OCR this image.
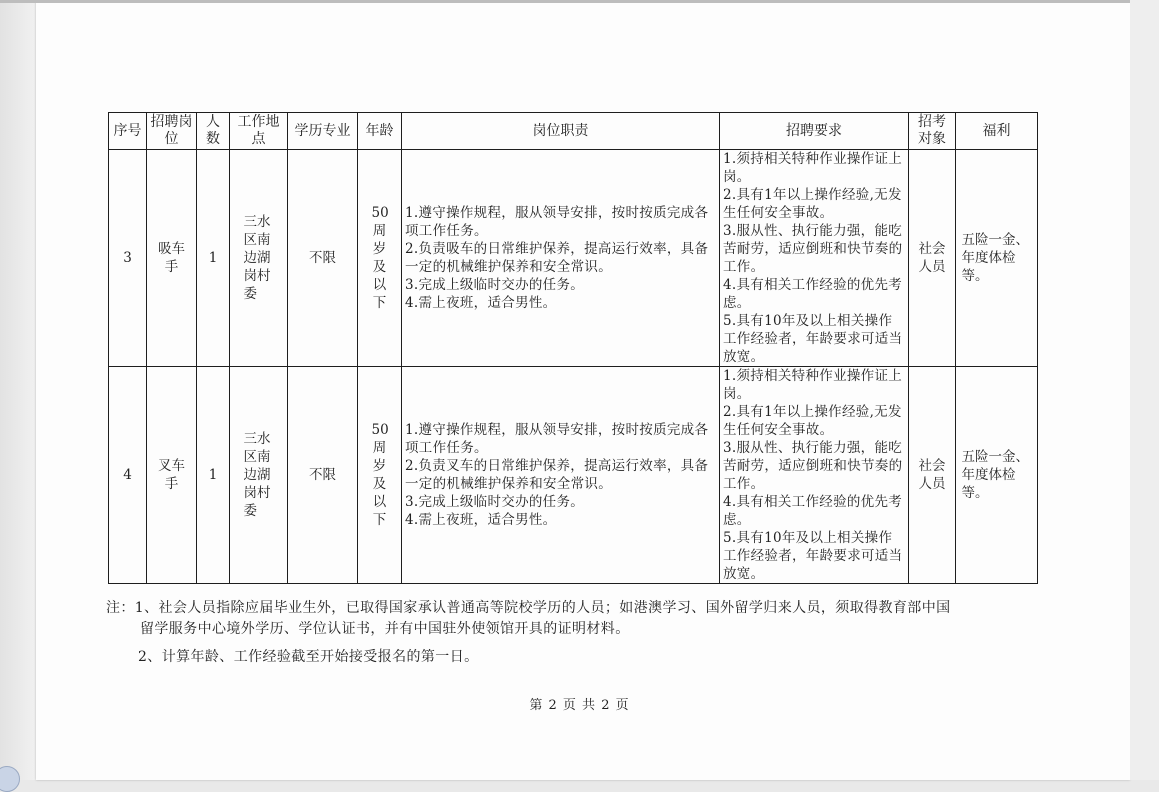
序号	招聘岗位	人数	工作地点	学历专业	年龄	岗位职责	招聘要求	招考对象	福利
3	吸车手	1	三水区南边湖岗村委	不限	50周岁及以下	1.遵守操作规程，服从领导安排，按时按质完成各项工作任务。
2.负责吸车的日常维护保养，提高运行效率，具备一定的机械维护保养和安全常识。
3.完成上级临时交办的任务。
4.需上夜班，适合男性。	1.须持相关特种作业操作证上岗。
2.具有1年以上操作经验,无发生任何安全事故。
3.服从性、执行能力强，能吃苦耐劳，适应倒班和快节奏的工作。
4.具有相关工作经验的优先考虑。
5.具有10年及以上相关操作工作经验者，年龄要求可适当放宽。	社会人员	五险一金、年度体检等。
4	叉车手	1	三水区南边湖岗村委	不限	50周岁及以下	1.遵守操作规程，服从领导安排，按时按质完成各项工作任务。
2.负责叉车的日常维护保养，提高运行效率，具备一定的机械维护保养和安全常识。
3.完成上级临时交办的任务。
4.需上夜班，适合男性。	1.须持相关特种作业操作证上岗。
2.具有1年以上操作经验,无发生任何安全事故。
3.服从性、执行能力强，能吃苦耐劳，适应倒班和快节奏的工作。
4.具有相关工作经验的优先考虑。
5.具有10年及以上相关操作工作经验者，年龄要求可适当放宽。	社会人员	五险一金、年度体检等。
注：1、社会人员指除应届毕业生外，已取得国家承认普通高等院校学历的人员；如港澳学习、国外留学归来人员，须取得教育部中国
留学服务中心境外学历、学位认证书，并有中国驻外使领馆开具的证明材料。
2、计算年龄、工作经验截至开始接受报名的第一日。
第 2 页 共 2 页
